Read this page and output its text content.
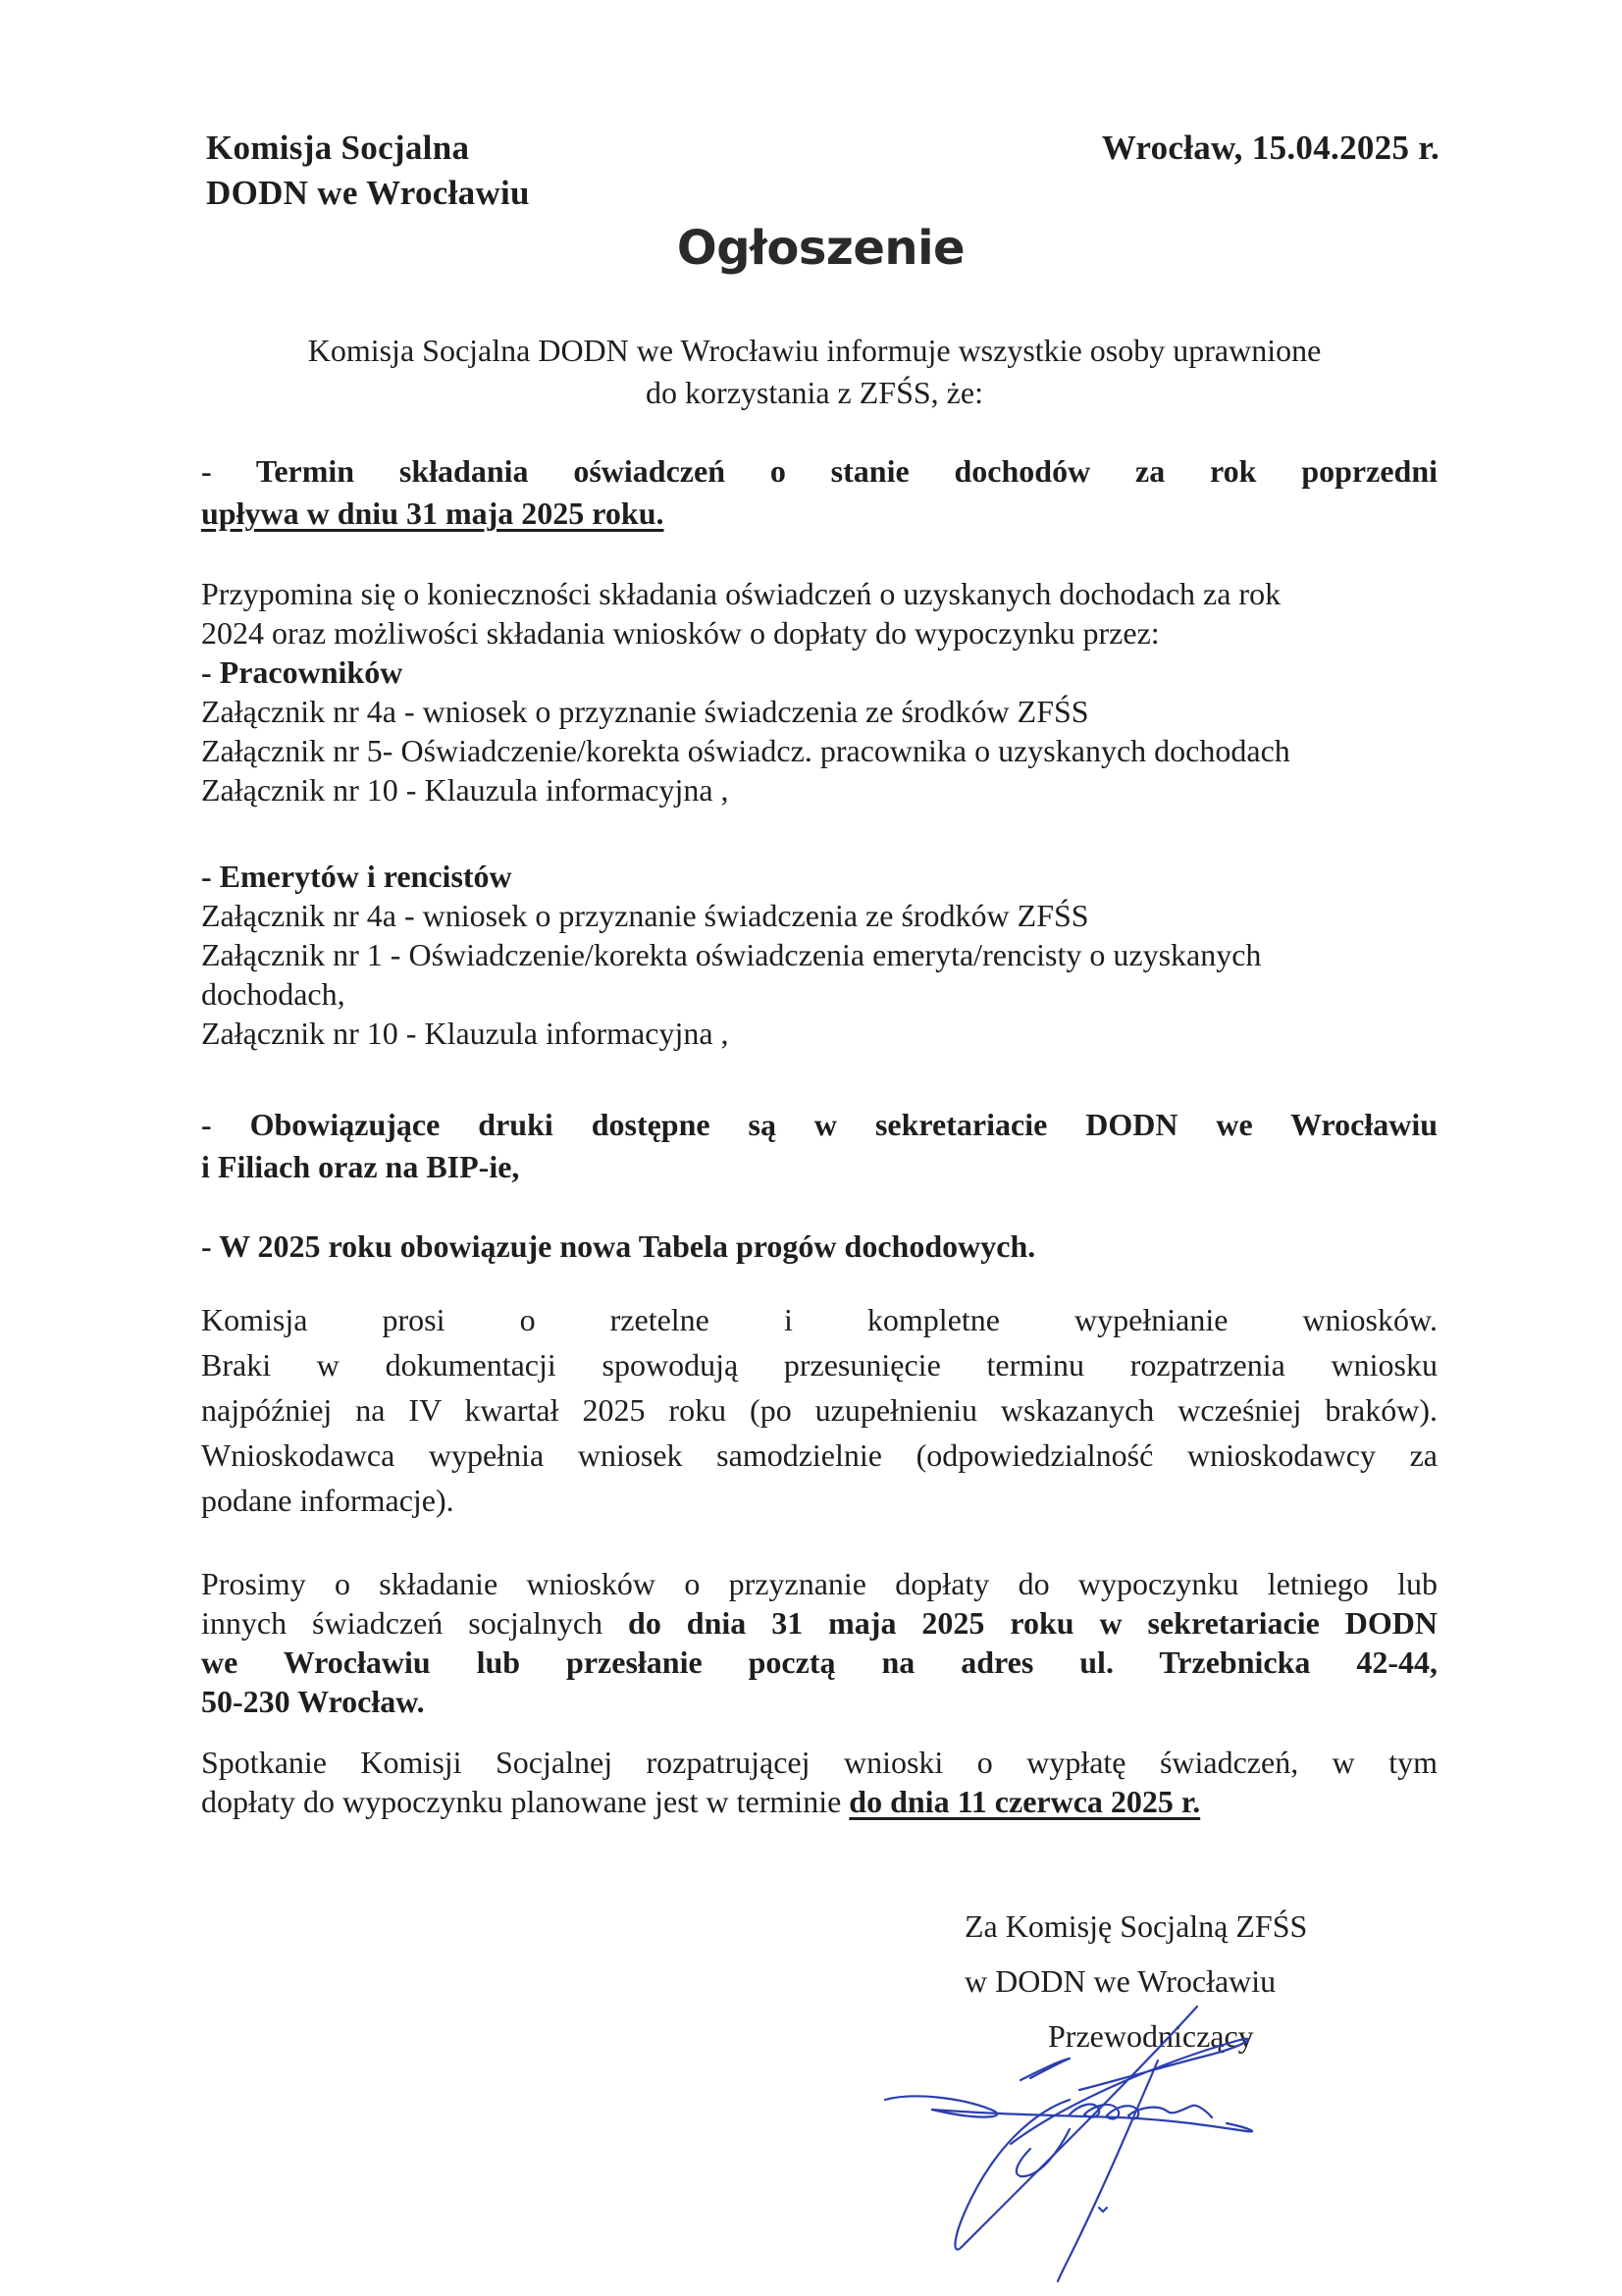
Komisja Socjalna
DODN we Wrocławiu
Wrocław, 15.04.2025 r.
Ogłoszenie
Komisja Socjalna DODN we Wrocławiu informuje wszystkie osoby uprawnione
do korzystania z ZFŚS, że:
- Termin składania oświadczeń o stanie dochodów za rok poprzedni
upływa w dniu 31 maja 2025 roku.
Przypomina się o konieczności składania oświadczeń o uzyskanych dochodach za rok
2024 oraz możliwości składania wniosków o dopłaty do wypoczynku przez:
- Pracowników
Załącznik nr 4a - wniosek o przyznanie świadczenia ze środków ZFŚS
Załącznik nr 5- Oświadczenie/korekta oświadcz. pracownika o uzyskanych dochodach
Załącznik nr 10 - Klauzula informacyjna ,
- Emerytów i rencistów
Załącznik nr 4a - wniosek o przyznanie świadczenia ze środków ZFŚS
Załącznik nr 1 - Oświadczenie/korekta oświadczenia emeryta/rencisty o uzyskanych
dochodach,
Załącznik nr 10 - Klauzula informacyjna ,
- Obowiązujące druki dostępne są w sekretariacie DODN we Wrocławiu
i Filiach oraz na BIP-ie,
- W 2025 roku obowiązuje nowa Tabela progów dochodowych.
Komisja prosi o rzetelne i kompletne wypełnianie wniosków.
Braki w dokumentacji spowodują przesunięcie terminu rozpatrzenia wniosku
najpóźniej na IV kwartał 2025 roku (po uzupełnieniu wskazanych wcześniej braków).
Wnioskodawca wypełnia wniosek samodzielnie (odpowiedzialność wnioskodawcy za
podane informacje).
Prosimy o składanie wniosków o przyznanie dopłaty do wypoczynku letniego lub
innych świadczeń socjalnych do dnia 31 maja 2025 roku w sekretariacie DODN
we Wrocławiu lub przesłanie pocztą na adres ul. Trzebnicka 42-44,
50-230 Wrocław.
Spotkanie Komisji Socjalnej rozpatrującej wnioski o wypłatę świadczeń, w tym
dopłaty do wypoczynku planowane jest w terminie do dnia 11 czerwca 2025 r.
Za Komisję Socjalną ZFŚS
w DODN we Wrocławiu
Przewodniczący
